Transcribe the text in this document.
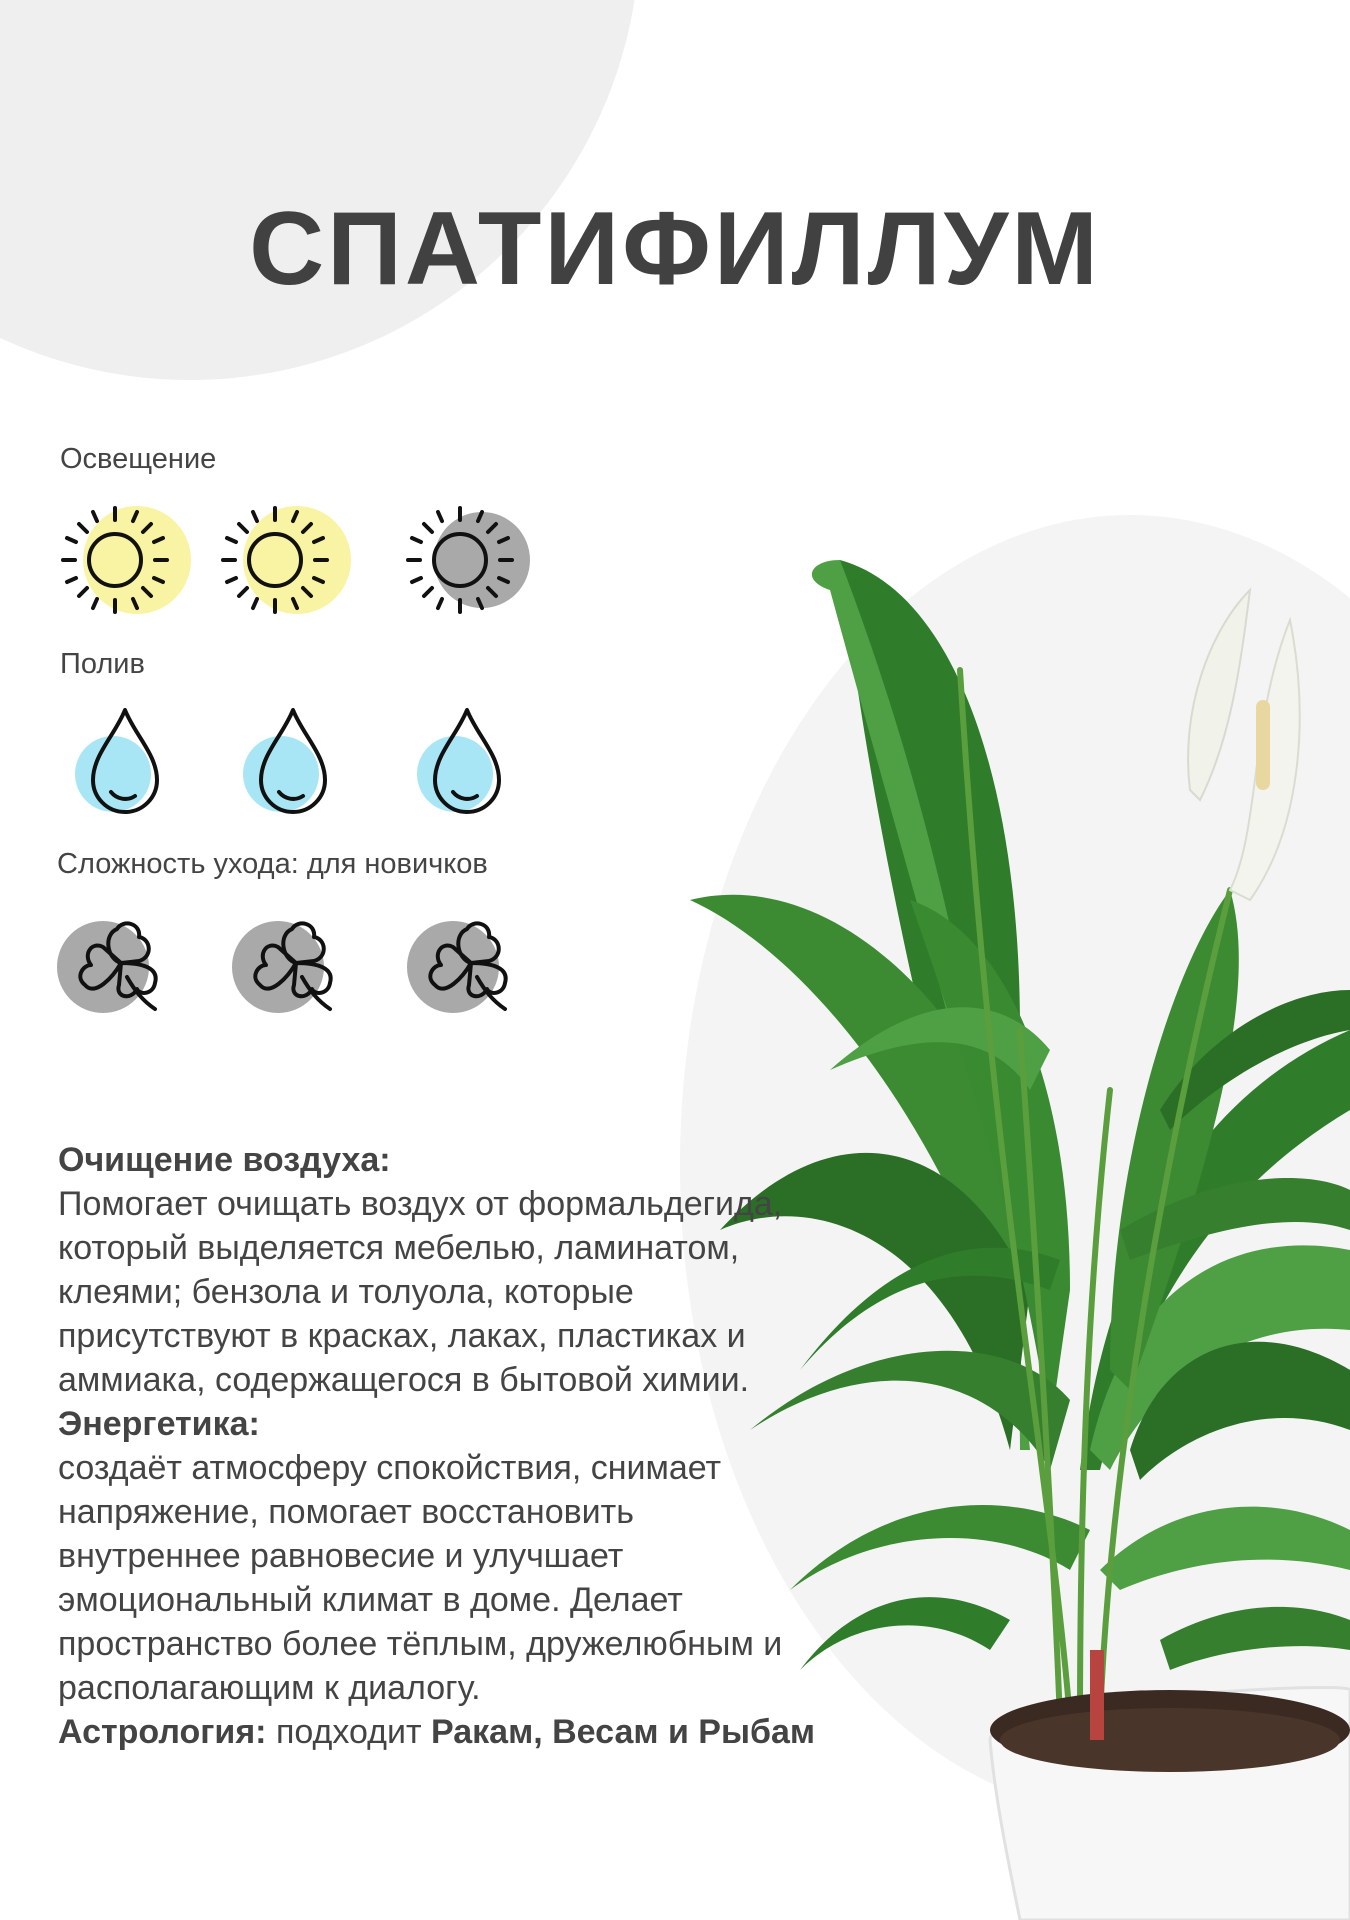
СПАТИФИЛЛУМ

Освещение

Полив

Сложность ухода: для новичков

Очищение воздуха:

Помогает очищать воздух от формальдегида,

который выделяется мебелью, ламинатом,

клеями; бензола и толуола, которые

присутствуют в красках, лаках, пластиках и

аммиака, содержащегося в бытовой химии.

Энергетика:

создаёт атмосферу спокойствия, снимает

напряжение, помогает восстановить

внутреннее равновесие и улучшает

эмоциональный климат в доме. Делает

пространство более тёплым, дружелюбным и

располагающим к диалогу.

Астрология: подходит Ракам, Весам и Рыбам
